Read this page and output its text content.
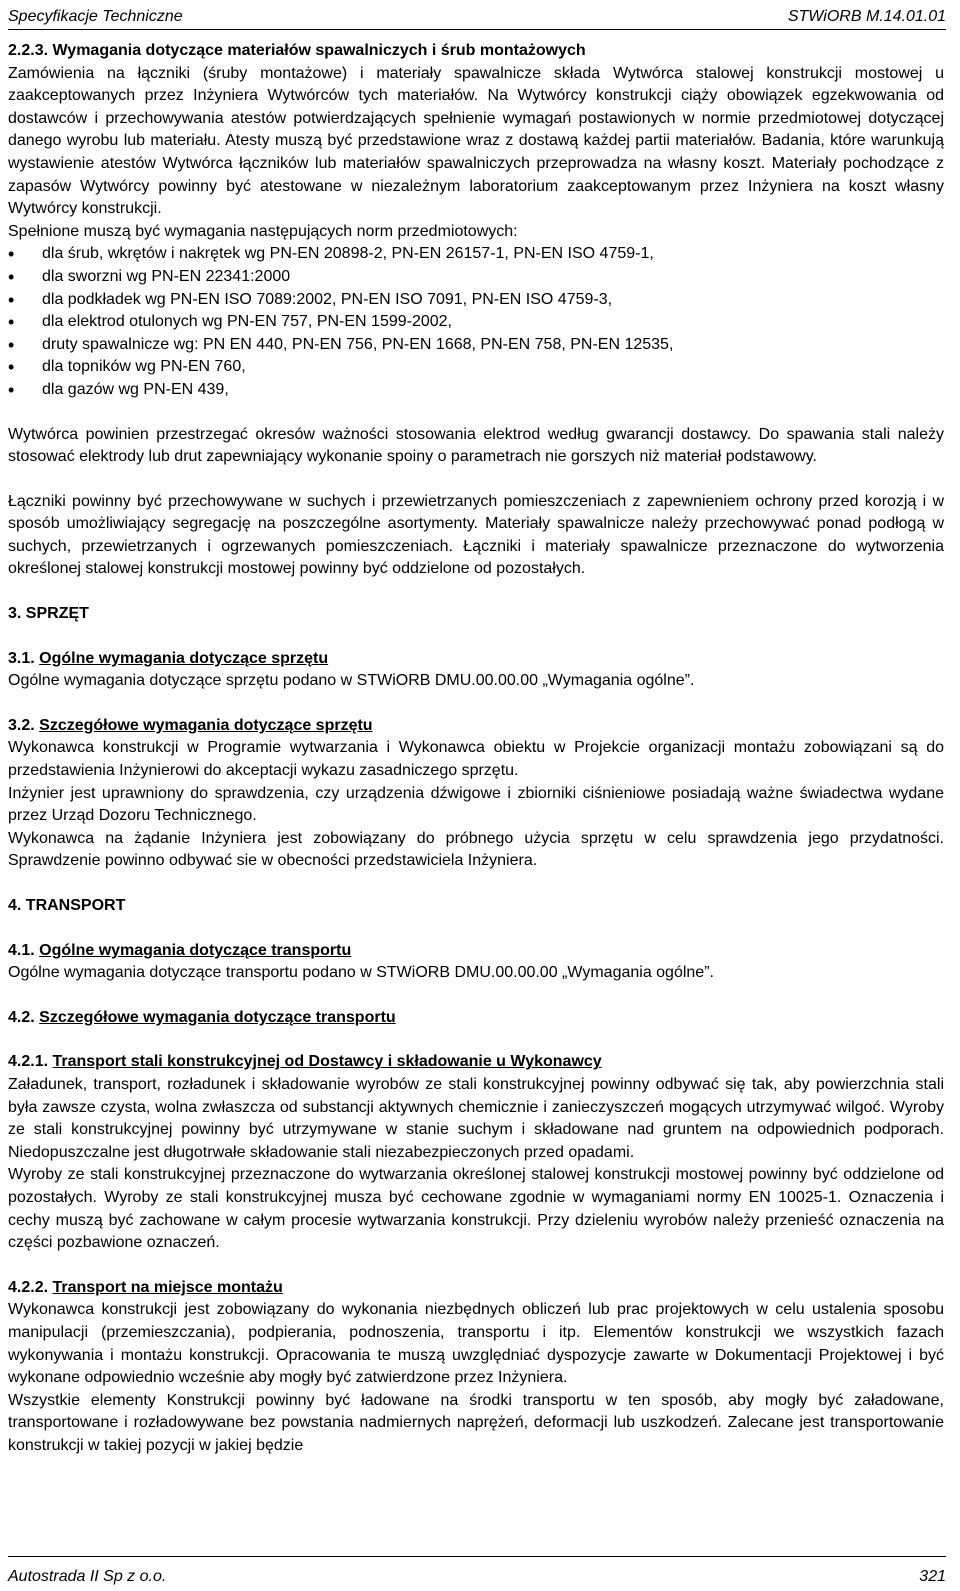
Specyfikacje Techniczne	STWiORB M.14.01.01

2.2.3. Wymagania dotyczące materiałów spawalniczych i śrub montażowych

Zamówienia na łączniki (śruby montażowe) i materiały spawalnicze składa Wytwórca stalowej konstrukcji mostowej u zaakceptowanych przez Inżyniera Wytwórców tych materiałów. Na Wytwórcy konstrukcji ciąży obowiązek egzekwowania od dostawców i przechowywania atestów potwierdzających spełnienie wymagań postawionych w normie przedmiotowej dotyczącej danego wyrobu lub materiału. Atesty muszą być przedstawione wraz z dostawą każdej partii materiałów. Badania, które warunkują wystawienie atestów Wytwórca łączników lub materiałów spawalniczych przeprowadza na własny koszt. Materiały pochodzące z zapasów Wytwórcy powinny być atestowane w niezależnym laboratorium zaakceptowanym przez Inżyniera na koszt własny Wytwórcy konstrukcji.

Spełnione muszą być wymagania następujących norm przedmiotowych:

• dla śrub, wkrętów i nakrętek wg PN-EN 20898-2, PN-EN 26157-1, PN-EN ISO 4759-1,
• dla sworzni wg PN-EN 22341:2000
• dla podkładek wg PN-EN ISO 7089:2002, PN-EN ISO 7091, PN-EN ISO 4759-3,
• dla elektrod otulonych wg PN-EN 757, PN-EN 1599-2002,
• druty spawalnicze wg: PN EN 440, PN-EN 756, PN-EN 1668, PN-EN 758, PN-EN 12535,
• dla topników wg PN-EN 760,
• dla gazów wg PN-EN 439,

Wytwórca powinien przestrzegać okresów ważności stosowania elektrod według gwarancji dostawcy. Do spawania stali należy stosować elektrody lub drut zapewniający wykonanie spoiny o parametrach nie gorszych niż materiał podstawowy.

Łączniki powinny być przechowywane w suchych i przewietrzanych pomieszczeniach z zapewnieniem ochrony przed korozją i w sposób umożliwiający segregację na poszczególne asortymenty. Materiały spawalnicze należy przechowywać ponad podłogą w suchych, przewietrzanych i ogrzewanych pomieszczeniach. Łączniki i materiały spawalnicze przeznaczone do wytworzenia określonej stalowej konstrukcji mostowej powinny być oddzielone od pozostałych.

3. SPRZĘT

3.1. Ogólne wymagania dotyczące sprzętu

Ogólne wymagania dotyczące sprzętu podano w STWiORB DMU.00.00.00 „Wymagania ogólne”.

3.2. Szczegółowe wymagania dotyczące sprzętu

Wykonawca konstrukcji w Programie wytwarzania i Wykonawca obiektu w Projekcie organizacji montażu zobowiązani są do przedstawienia Inżynierowi do akceptacji wykazu zasadniczego sprzętu.

Inżynier jest uprawniony do sprawdzenia, czy urządzenia dźwigowe i zbiorniki ciśnieniowe posiadają ważne świadectwa wydane przez Urząd Dozoru Technicznego.

Wykonawca na żądanie Inżyniera jest zobowiązany do próbnego użycia sprzętu w celu sprawdzenia jego przydatności. Sprawdzenie powinno odbywać sie w obecności przedstawiciela Inżyniera.

4. TRANSPORT

4.1. Ogólne wymagania dotyczące transportu

Ogólne wymagania dotyczące transportu podano w STWiORB DMU.00.00.00 „Wymagania ogólne”.

4.2. Szczegółowe wymagania dotyczące transportu

4.2.1. Transport stali konstrukcyjnej od Dostawcy i składowanie u Wykonawcy

Załadunek, transport, rozładunek i składowanie wyrobów ze stali konstrukcyjnej powinny odbywać się tak, aby powierzchnia stali była zawsze czysta, wolna zwłaszcza od substancji aktywnych chemicznie i zanieczyszczeń mogących utrzymywać wilgoć. Wyroby ze stali konstrukcyjnej powinny być utrzymywane w stanie suchym i składowane nad gruntem na odpowiednich podporach. Niedopuszczalne jest długotrwałe składowanie stali niezabezpieczonych przed opadami.

Wyroby ze stali konstrukcyjnej przeznaczone do wytwarzania określonej stalowej konstrukcji mostowej powinny być oddzielone od pozostałych. Wyroby ze stali konstrukcyjnej musza być cechowane zgodnie w wymaganiami normy EN 10025-1. Oznaczenia i cechy muszą być zachowane w całym procesie wytwarzania konstrukcji. Przy dzieleniu wyrobów należy przenieść oznaczenia na części pozbawione oznaczeń.

4.2.2. Transport na miejsce montażu

Wykonawca konstrukcji jest zobowiązany do wykonania niezbędnych obliczeń lub prac projektowych w celu ustalenia sposobu manipulacji (przemieszczania), podpierania, podnoszenia, transportu i itp. Elementów konstrukcji we wszystkich fazach wykonywania i montażu konstrukcji. Opracowania te muszą uwzględniać dyspozycje zawarte w Dokumentacji Projektowej i być wykonane odpowiednio wcześnie aby mogły być zatwierdzone przez Inżyniera.

Wszystkie elementy Konstrukcji powinny być ładowane na środki transportu w ten sposób, aby mogły być załadowane, transportowane i rozładowywane bez powstania nadmiernych naprężeń, deformacji lub uszkodzeń. Zalecane jest transportowanie konstrukcji w takiej pozycji w jakiej będzie

Autostrada II Sp z o.o.	321
